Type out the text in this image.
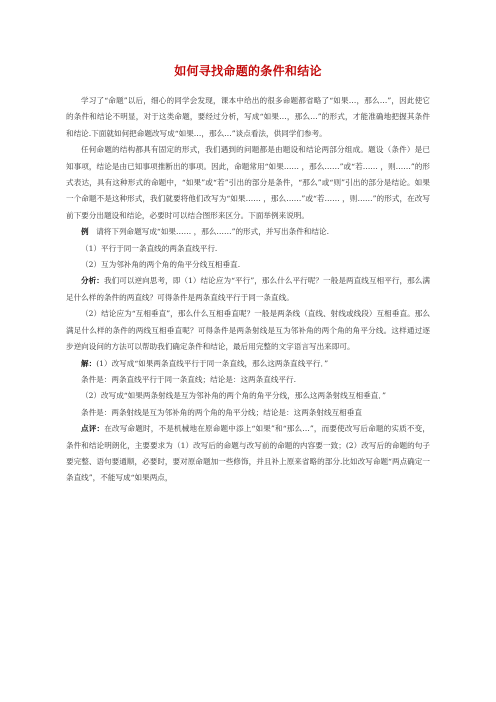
如何寻找命题的条件和结论

学习了“命题”以后，细心的同学会发现，课本中给出的很多命题都省略了“如果…，那么…”，因此使它的条件和结论不明显，对于这类命题，要经过分析，写成“如果…，那么…”的形式，才能准确地把握其条件和结论.下面就如何把命题改写成“如果…，那么…”谈点看法，供同学们参考。

任何命题的结构都具有固定的形式，我们遇到的问题都是由题设和结论两部分组成。题设（条件）是已知事项，结论是由已知事项推断出的事项。因此，命题常用“如果…… ，那么……”或“若…… ，则……”的形式表达，具有这种形式的命题中，“如果”或“若”引出的部分是条件，“那么”或“则”引出的部分是结论。如果一个命题不是这种形式，我们就要将他们改写为“如果…… ，那么……”或“若…… ，则……”的形式，在改写前下要分出题设和结论，必要时可以结合图形来区分。下面举例来说明。

例　 请将下列命题写成“如果…… ，那么……”的形式，并写出条件和结论.

（1）平行于同一条直线的两条直线平行.

（2）互为邻补角的两个角的角平分线互相垂直.

分析：我们可以逆向思考，即（1）结论应为“平行”，那么什么平行呢？一般是两直线互相平行，那么满足什么样的条件的两直线？可得条件是两条直线平行于同一条直线。

（2）结论应为“互相垂直”，那么什么互相垂直呢？一般是两条线（直线、射线或线段）互相垂直。那么满足什么样的条件的两线互相垂直呢？可得条件是两条射线是互为邻补角的两个角的角平分线。这样通过逐步逆向设问的方法可以帮助我们确定条件和结论，最后用完整的文字语言写出来即可。

解：(1）改写成“如果两条直线平行于同一条直线，那么这两条直线平行．”

条件是：两条直线平行于同一条直线；结论是：这两条直线平行.

（2）改写成“如果两条射线是互为邻补角的两个角的角平分线，那么这两条射线互相垂直．”

条件是：两条射线是互为邻补角的两个角的角平分线；结论是：这两条射线互相垂直

点评：在改写命题时，不是机械地在原命题中添上“如果”和“那么…”，而要使改写后命题的实质不变，条件和结论明朗化，主要要求为（1）改写后的命题与改写前的命题的内容要一致；(2）改写后的命题的句子要完整、语句要通顺，必要时，要对原命题加一些修饰，并且补上原来省略的部分.比如改写命题“两点确定一条直线”，不能写成“如果两点，
